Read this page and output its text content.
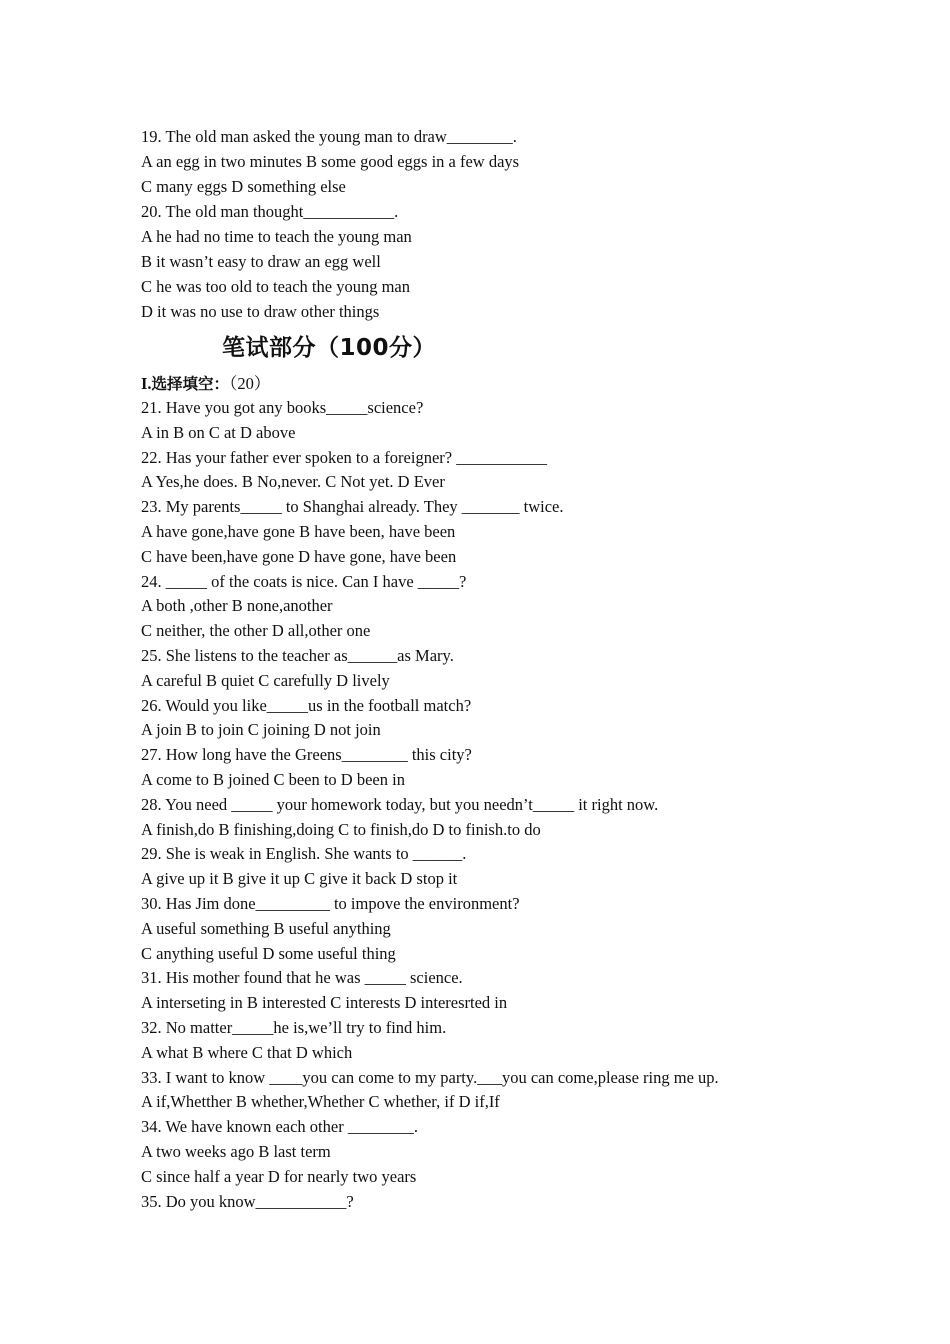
19. The old man asked the young man to draw________.
A an egg in two minutes B some good eggs in a few days
C many eggs D something else
20. The old man thought___________.
A he had no time to teach the young man
B it wasn’t easy to draw an egg well
C he was too old to teach the young man
D it was no use to draw other things
笔试部分（100分）
I.选择填空：（20）
21. Have you got any books_____science?
A in B on C at D above
22. Has your father ever spoken to a foreigner? ___________
A Yes,he does. B No,never. C Not yet. D Ever
23. My parents_____ to Shanghai already. They _______ twice.
A have gone,have gone B have been, have been
C have been,have gone D have gone, have been
24. _____ of the coats is nice. Can I have _____?
A both ,other B none,another
C neither, the other D all,other one
25. She listens to the teacher as______as Mary.
A careful B quiet C carefully D lively
26. Would you like_____us in the football match?
A join B to join C joining D not join
27. How long have the Greens________ this city?
A come to B joined C been to D been in
28. You need _____ your homework today, but you needn’t_____ it right now.
A finish,do B finishing,doing C to finish,do D to finish.to do
29. She is weak in English. She wants to ______.
A give up it B give it up C give it back D stop it
30. Has Jim done_________ to impove the environment?
A useful something B useful anything
C anything useful D some useful thing
31. His mother found that he was _____ science.
A interseting in B interested C interests D interesrted in
32. No matter_____he is,we’ll try to find him.
A what B where C that D which
33. I want to know ____you can come to my party.___you can come,please ring me up.
A if,Whetther B whether,Whether C whether, if D if,If
34. We have known each other ________.
A two weeks ago B last term
C since half a year D for nearly two years
35. Do you know___________?
